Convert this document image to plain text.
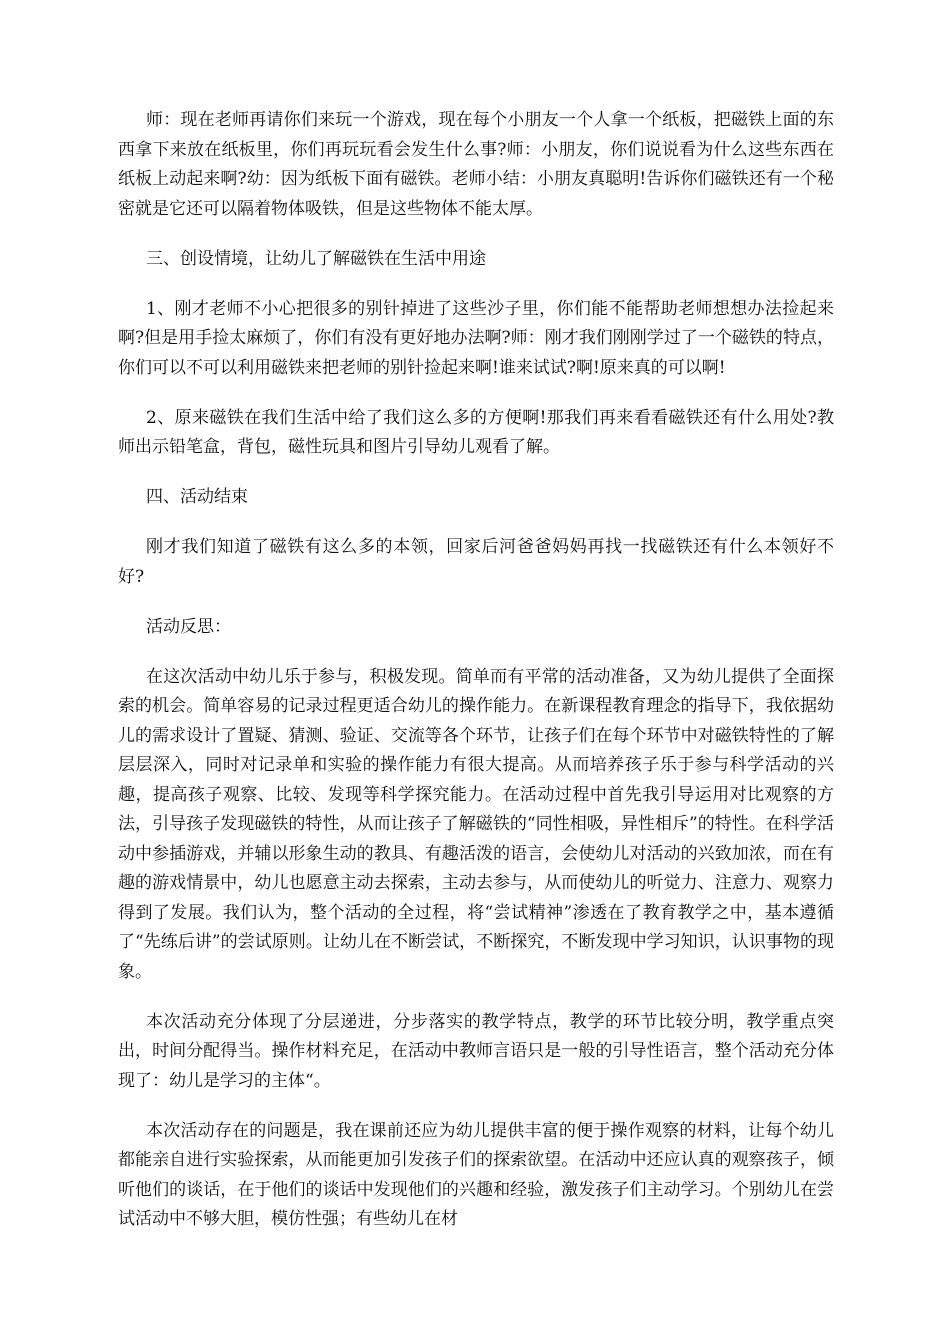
师：现在老师再请你们来玩一个游戏，现在每个小朋友一个人拿一个纸板，把磁铁上面的东西拿下来放在纸板里，你们再玩玩看会发生什么事?师：小朋友，你们说说看为什么这些东西在纸板上动起来啊?幼：因为纸板下面有磁铁。老师小结：小朋友真聪明!告诉你们磁铁还有一个秘密就是它还可以隔着物体吸铁，但是这些物体不能太厚。

三、创设情境，让幼儿了解磁铁在生活中用途

1、刚才老师不小心把很多的别针掉进了这些沙子里，你们能不能帮助老师想想办法捡起来啊?但是用手捡太麻烦了，你们有没有更好地办法啊?师：刚才我们刚刚学过了一个磁铁的特点，你们可以不可以利用磁铁来把老师的别针捡起来啊!谁来试试?啊!原来真的可以啊!

2、原来磁铁在我们生活中给了我们这么多的方便啊!那我们再来看看磁铁还有什么用处?教师出示铅笔盒，背包，磁性玩具和图片引导幼儿观看了解。

四、活动结束

刚才我们知道了磁铁有这么多的本领，回家后河爸爸妈妈再找一找磁铁还有什么本领好不好?

活动反思：

在这次活动中幼儿乐于参与，积极发现。简单而有平常的活动准备，又为幼儿提供了全面探索的机会。简单容易的记录过程更适合幼儿的操作能力。在新课程教育理念的指导下，我依据幼儿的需求设计了置疑、猜测、验证、交流等各个环节，让孩子们在每个环节中对磁铁特性的了解层层深入，同时对记录单和实验的操作能力有很大提高。从而培养孩子乐于参与科学活动的兴趣，提高孩子观察、比较、发现等科学探究能力。在活动过程中首先我引导运用对比观察的方法，引导孩子发现磁铁的特性，从而让孩子了解磁铁的“同性相吸，异性相斥”的特性。在科学活动中参插游戏，并辅以形象生动的教具、有趣活泼的语言，会使幼儿对活动的兴致加浓，而在有趣的游戏情景中，幼儿也愿意主动去探索，主动去参与，从而使幼儿的听觉力、注意力、观察力得到了发展。我们认为，整个活动的全过程，将“尝试精神”渗透在了教育教学之中，基本遵循了“先练后讲”的尝试原则。让幼儿在不断尝试，不断探究，不断发现中学习知识，认识事物的现象。

本次活动充分体现了分层递进，分步落实的教学特点，教学的环节比较分明，教学重点突出，时间分配得当。操作材料充足，在活动中教师言语只是一般的引导性语言，整个活动充分体现了：幼儿是学习的主体“。

本次活动存在的问题是，我在课前还应为幼儿提供丰富的便于操作观察的材料，让每个幼儿都能亲自进行实验探索，从而能更加引发孩子们的探索欲望。在活动中还应认真的观察孩子，倾听他们的谈话，在于他们的谈话中发现他们的兴趣和经验，激发孩子们主动学习。个别幼儿在尝试活动中不够大胆，模仿性强；有些幼儿在材
